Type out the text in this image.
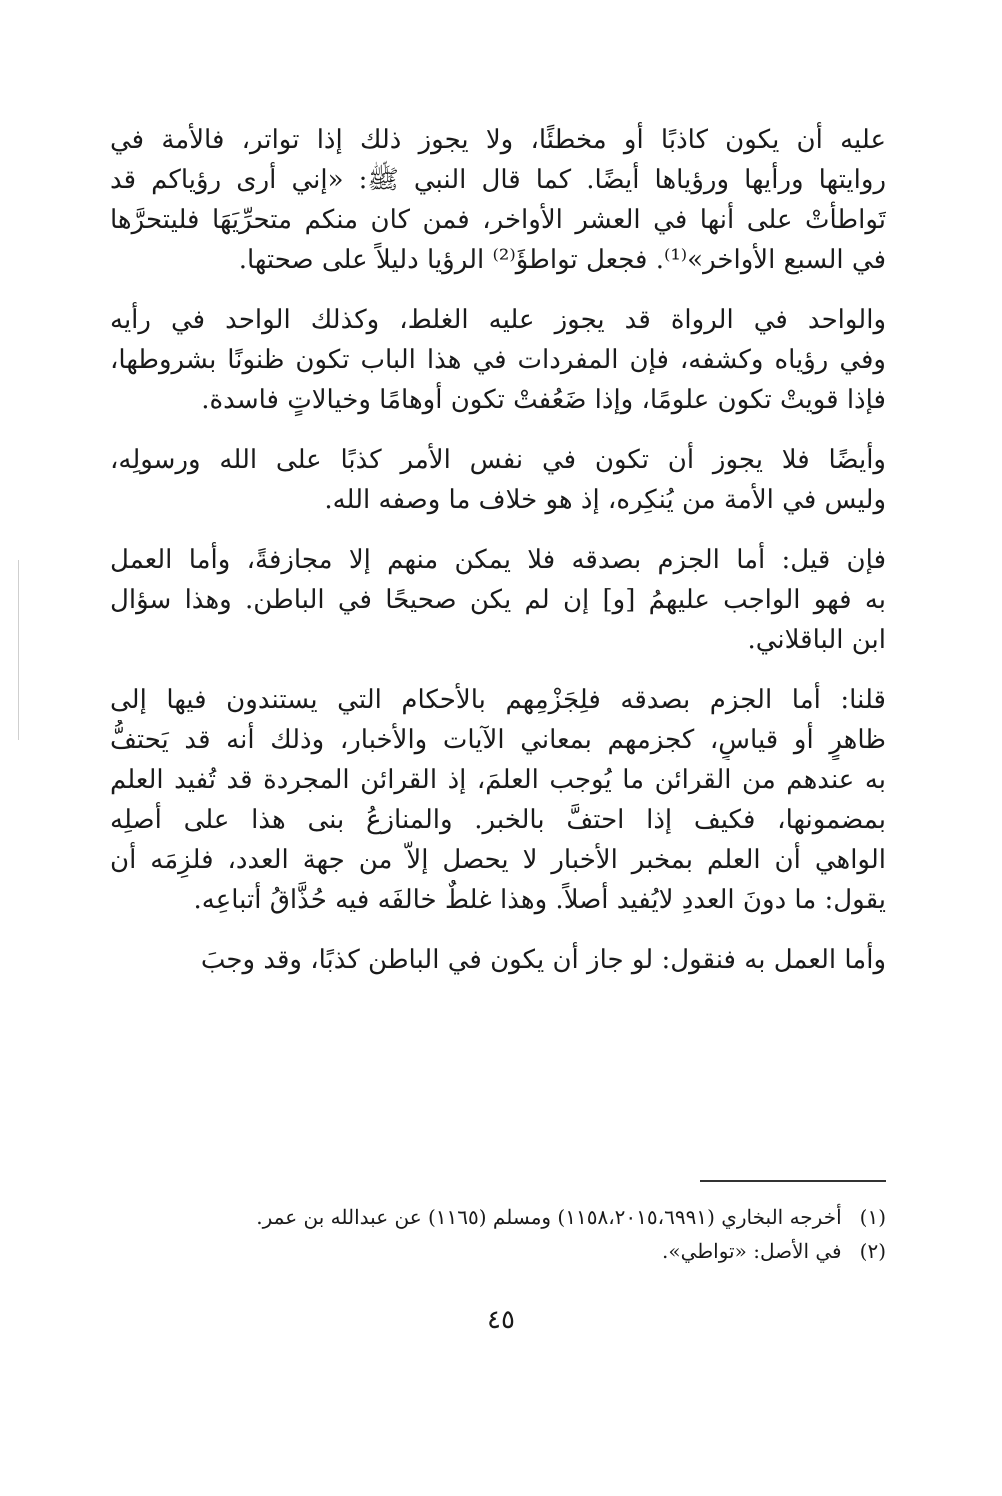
عليه أن يكون كاذبًا أو مخطئًا، ولا يجوز ذلك إذا تواتر، فالأمة في
روايتها ورأيها ورؤياها أيضًا. كما قال النبي ﷺ: «إني أرى رؤياكم قد
تَواطأتْ على أنها في العشر الأواخر، فمن كان منكم متحرِّيَهَا فليتحرَّها
في السبع الأواخر»⁽¹⁾. فجعل تواطؤَ⁽²⁾ الرؤيا دليلاً على صحتها.
والواحد في الرواة قد يجوز عليه الغلط، وكذلك الواحد في رأيه
وفي رؤياه وكشفه، فإن المفردات في هذا الباب تكون ظنونًا بشروطها،
فإذا قويتْ تكون علومًا، وإذا ضَعُفتْ تكون أوهامًا وخيالاتٍ فاسدة.
وأيضًا فلا يجوز أن تكون في نفس الأمر كذبًا على الله ورسولِه،
وليس في الأمة من يُنكِره، إذ هو خلاف ما وصفه الله.
فإن قيل: أما الجزم بصدقه فلا يمكن منهم إلا مجازفةً، وأما العمل
به فهو الواجب عليهمُ [و] إن لم يكن صحيحًا في الباطن. وهذا سؤال
ابن الباقلاني.
قلنا: أما الجزم بصدقه فلِجَزْمِهم بالأحكام التي يستندون فيها إلى
ظاهرٍ أو قياسٍ، كجزمهم بمعاني الآيات والأخبار، وذلك أنه قد يَحتفُّ
به عندهم من القرائن ما يُوجب العلمَ، إذ القرائن المجردة قد تُفيد العلم
بمضمونها، فكيف إذا احتفَّ بالخبر. والمنازعُ بنى هذا على أصلِه
الواهي أن العلم بمخبر الأخبار لا يحصل إلاّ من جهة العدد، فلزِمَه أن
يقول: ما دونَ العددِ لايُفيد أصلاً. وهذا غلطٌ خالفَه فيه حُذَّاقُ أتباعِه.
وأما العمل به فنقول: لو جاز أن يكون في الباطن كذبًا، وقد وجبَ
(١)أخرجه البخاري (١١٥٨،٢٠١٥،٦٩٩١) ومسلم (١١٦٥) عن عبدالله بن عمر.
(٢)في الأصل: «تواطي».
٤٥
